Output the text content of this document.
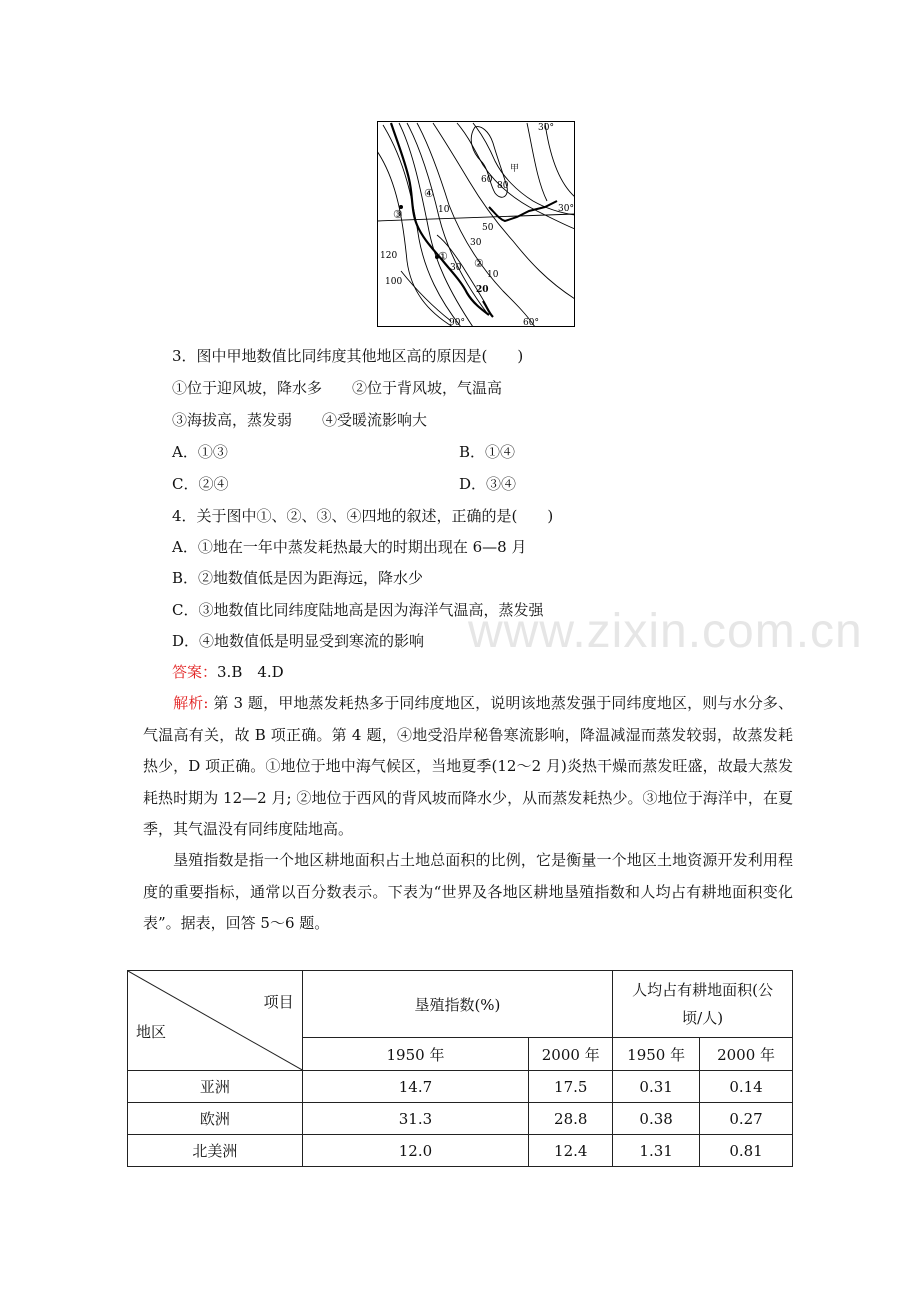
30°
30°
90°	60°
甲
60
80
④
③	10
50
30
①
②
30
10
20
120
100
3．图中甲地数值比同纬度其他地区高的原因是(　　)
①位于迎风坡，降水多　　②位于背风坡，气温高
③海拔高，蒸发弱　　④受暖流影响大
A．①③	B．①④
C．②④	D．③④
4．关于图中①、②、③、④四地的叙述，正确的是(　　)
A．①地在一年中蒸发耗热最大的时期出现在 6—8 月
B．②地数值低是因为距海远，降水少
C．③地数值比同纬度陆地高是因为海洋气温高，蒸发强
D．④地数值低是明显受到寒流的影响
答案：3.B　4.D
解析: 第 3 题，甲地蒸发耗热多于同纬度地区，说明该地蒸发强于同纬度地区，则与水分多、气温高有关，故 B 项正确。第 4 题，④地受沿岸秘鲁寒流影响，降温减湿而蒸发较弱，故蒸发耗热少，D 项正确。①地位于地中海气候区，当地夏季(12～2 月)炎热干燥而蒸发旺盛，故最大蒸发耗热时期为 12—2 月; ②地位于西风的背风坡而降水少，从而蒸发耗热少。③地位于海洋中，在夏季，其气温没有同纬度陆地高。
垦殖指数是指一个地区耕地面积占土地总面积的比例，它是衡量一个地区土地资源开发利用程度的重要指标，通常以百分数表示。下表为“世界及各地区耕地垦殖指数和人均占有耕地面积变化表”。据表，回答 5～6 题。
www.zixin.com.cn
项目
地区	垦殖指数(%)		人均占有耕地面积(公顷/人)	
	1950 年	2000 年	1950 年	2000 年
亚洲	14.7	17.5	0.31	0.14
欧洲	31.3	28.8	0.38	0.27
北美洲	12.0	12.4	1.31	0.81
